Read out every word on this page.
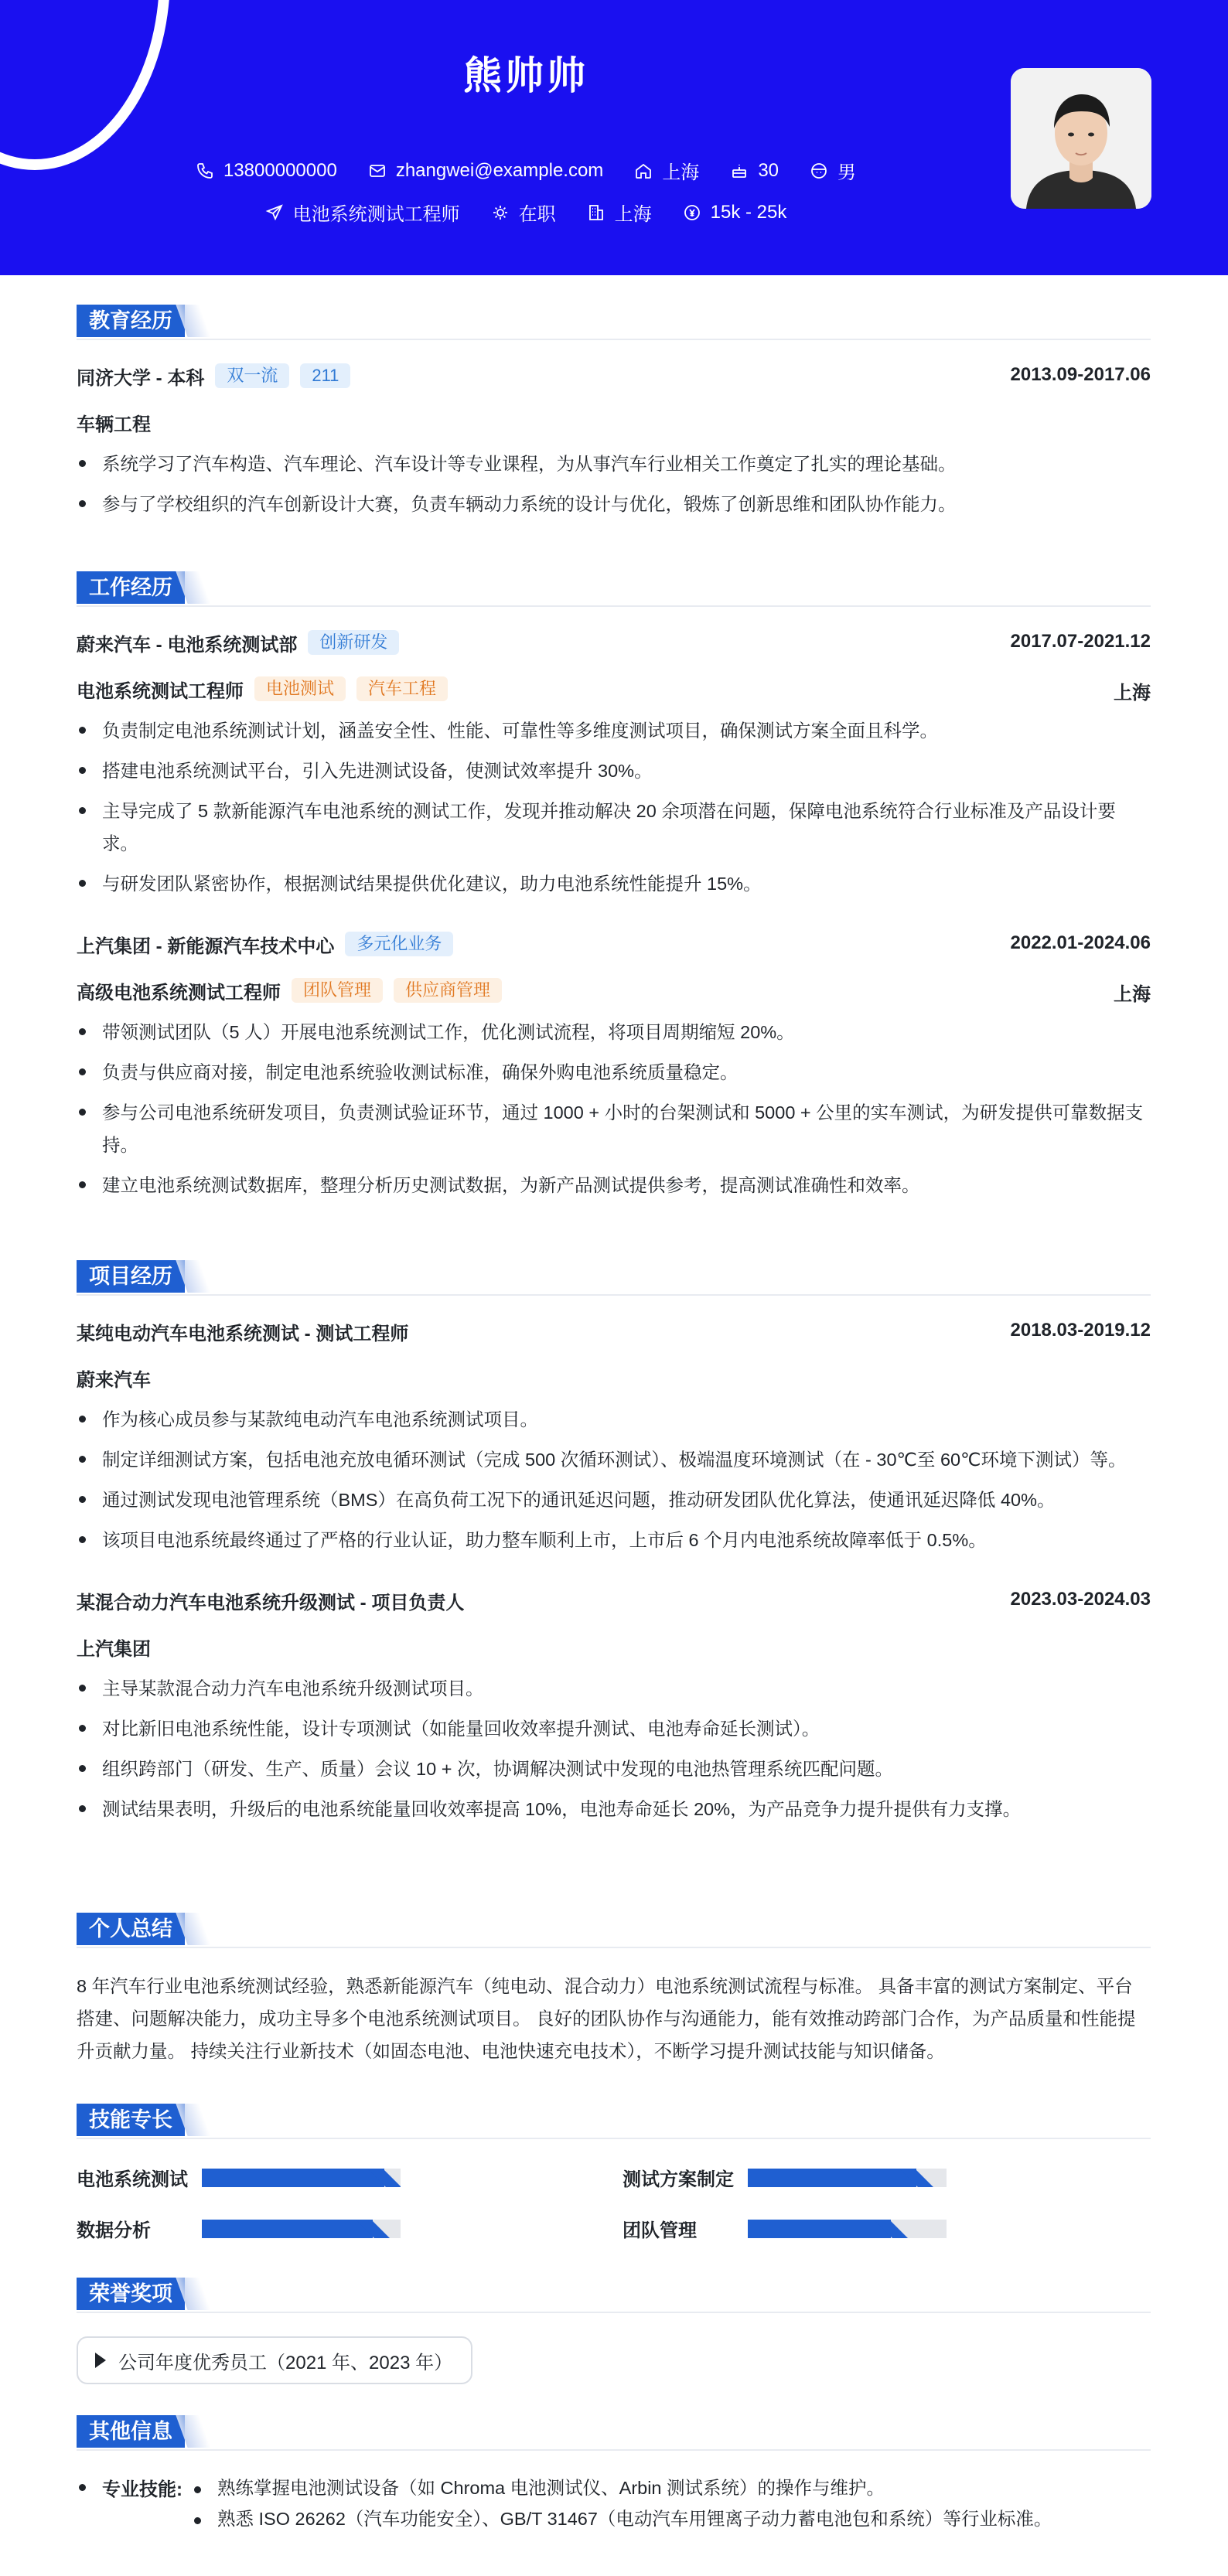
熊帅帅
13800000000	zhangwei@example.com	上海	30	男
电池系统测试工程师	在职	上海	15k - 25k
教育经历
同济大学 - 本科	双一流	211	2013.09-2017.06
车辆工程
系统学习了汽车构造、汽车理论、汽车设计等专业课程，为从事汽车行业相关工作奠定了扎实的理论基础。
参与了学校组织的汽车创新设计大赛，负责车辆动力系统的设计与优化，锻炼了创新思维和团队协作能力。
工作经历
蔚来汽车 - 电池系统测试部	创新研发	2017.07-2021.12
电池系统测试工程师	电池测试	汽车工程	上海
负责制定电池系统测试计划，涵盖安全性、性能、可靠性等多维度测试项目，确保测试方案全面且科学。
搭建电池系统测试平台，引入先进测试设备，使测试效率提升 30%。
主导完成了 5 款新能源汽车电池系统的测试工作，发现并推动解决 20 余项潜在问题，保障电池系统符合行业标准及产品设计要求。
与研发团队紧密协作，根据测试结果提供优化建议，助力电池系统性能提升 15%。
上汽集团 - 新能源汽车技术中心	多元化业务	2022.01-2024.06
高级电池系统测试工程师	团队管理	供应商管理	上海
带领测试团队（5 人）开展电池系统测试工作，优化测试流程，将项目周期缩短 20%。
负责与供应商对接，制定电池系统验收测试标准，确保外购电池系统质量稳定。
参与公司电池系统研发项目，负责测试验证环节，通过 1000 + 小时的台架测试和 5000 + 公里的实车测试，为研发提供可靠数据支持。
建立电池系统测试数据库，整理分析历史测试数据，为新产品测试提供参考，提高测试准确性和效率。
项目经历
某纯电动汽车电池系统测试 - 测试工程师	2018.03-2019.12
蔚来汽车
作为核心成员参与某款纯电动汽车电池系统测试项目。
制定详细测试方案，包括电池充放电循环测试（完成 500 次循环测试）、极端温度环境测试（在 - 30℃至 60℃环境下测试）等。
通过测试发现电池管理系统（BMS）在高负荷工况下的通讯延迟问题，推动研发团队优化算法，使通讯延迟降低 40%。
该项目电池系统最终通过了严格的行业认证，助力整车顺利上市，上市后 6 个月内电池系统故障率低于 0.5%。
某混合动力汽车电池系统升级测试 - 项目负责人	2023.03-2024.03
上汽集团
主导某款混合动力汽车电池系统升级测试项目。
对比新旧电池系统性能，设计专项测试（如能量回收效率提升测试、电池寿命延长测试）。
组织跨部门（研发、生产、质量）会议 10 + 次，协调解决测试中发现的电池热管理系统匹配问题。
测试结果表明，升级后的电池系统能量回收效率提高 10%，电池寿命延长 20%，为产品竞争力提升提供有力支撑。
个人总结
8 年汽车行业电池系统测试经验，熟悉新能源汽车（纯电动、混合动力）电池系统测试流程与标准。 具备丰富的测试方案制定、平台搭建、问题解决能力，成功主导多个电池系统测试项目。 良好的团队协作与沟通能力，能有效推动跨部门合作，为产品质量和性能提升贡献力量。 持续关注行业新技术（如固态电池、电池快速充电技术），不断学习提升测试技能与知识储备。
技能专长
电池系统测试	测试方案制定
数据分析	团队管理
荣誉奖项
公司年度优秀员工（2021 年、2023 年）
其他信息
专业技能:	熟练掌握电池测试设备（如 Chroma 电池测试仪、Arbin 测试系统）的操作与维护。
熟悉 ISO 26262（汽车功能安全）、GB/T 31467（电动汽车用锂离子动力蓄电池包和系统）等行业标准。
